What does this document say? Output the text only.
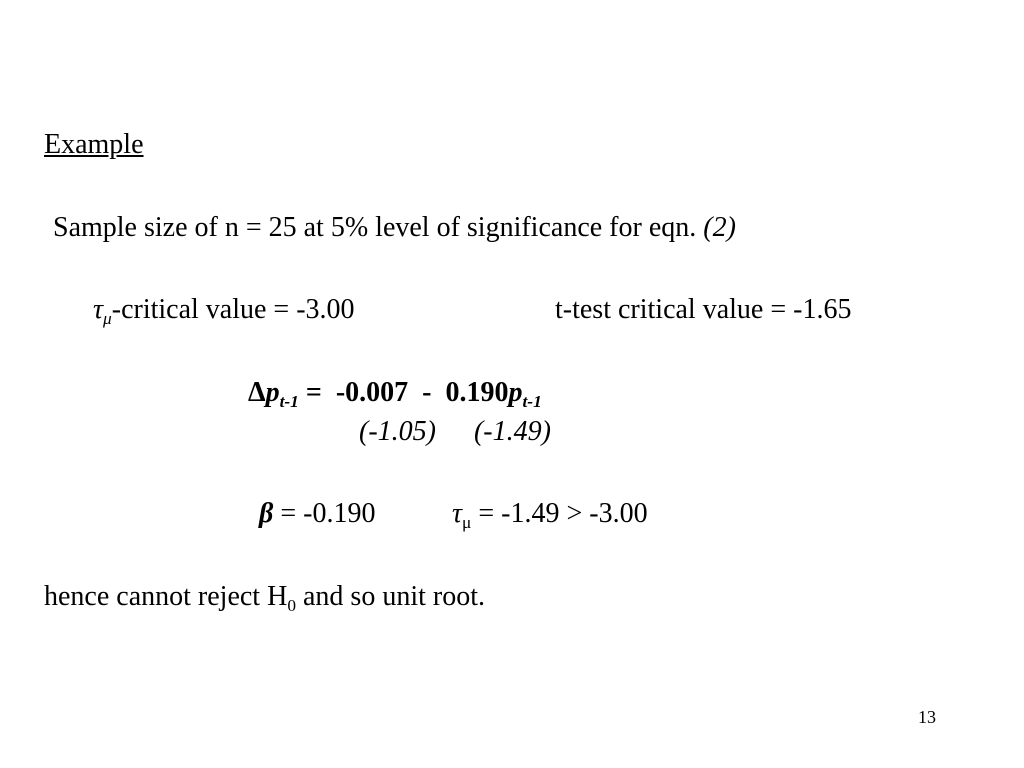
Example
Sample size of n = 25 at 5% level of significance for eqn. (2)
$\tau_\mu$-critical value = -3.00	t-test critical value = -1.65
$\Delta p_{t-1} = -0.007 - 0.190p_{t-1}$
(-1.05) (-1.49)
β = -0.190	$\tau_\mu = -1.49 > -3.00$
hence cannot reject $H_0$ and so unit root.
13
